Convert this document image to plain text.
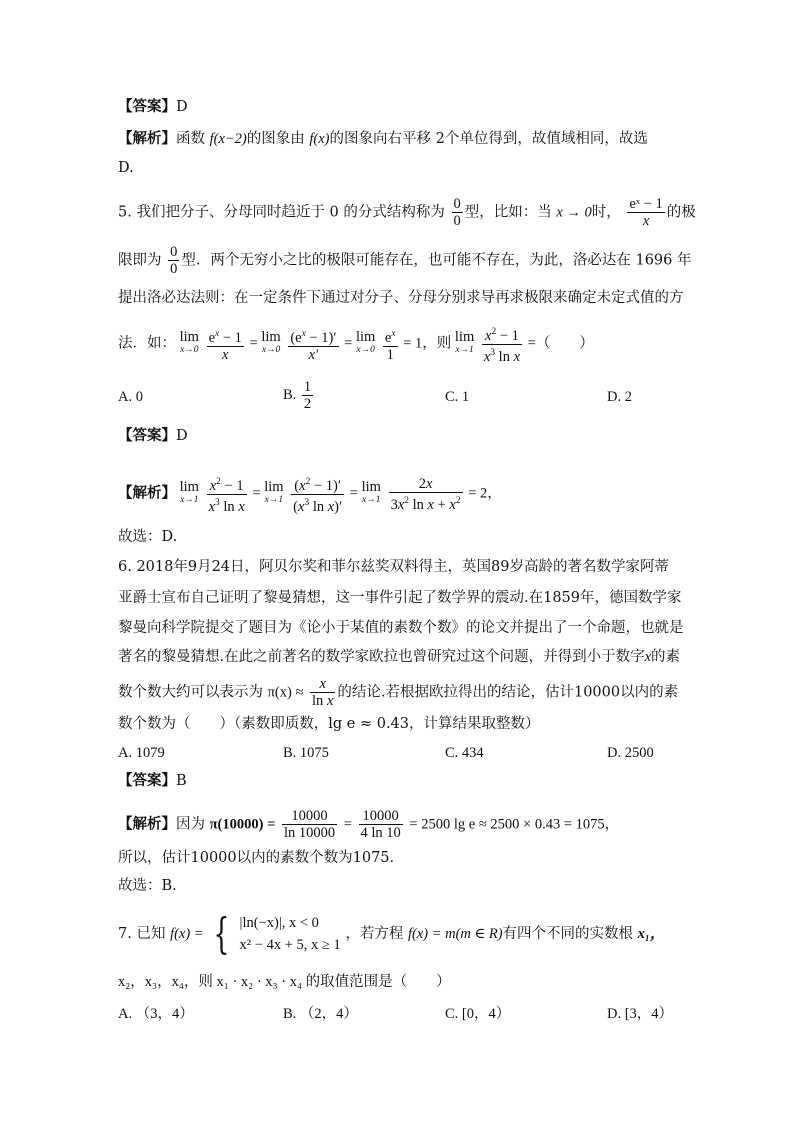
【答案】D
【解析】函数 f(x−2)的图象由 f(x)的图象向右平移 2个单位得到，故值域相同，故选
D.
5. 我们把分子、分母同时趋近于 0 的分式结构称为 $\frac{0}{0}$ 型，比如：当 x → 0时， $\frac{\text{eˣ − 1}}{x}$ 的极
限即为 $\frac{0}{0}$ 型．两个无穷小之比的极限可能存在，也可能不存在，为此，洛必达在 1696 年
提出洛必达法则：在一定条件下通过对分子、分母分别求导再求极限来确定未定式值的方
法．如： lim
x→0
$\frac{e^x - 1}{x} = \lim$
x→0
$\frac{(e^x - 1)'}{x'} = \lim$
x→0
$\frac{e^x}{1} = 1$，则 lim
x→1
$\frac{x^2 - 1}{x^3 \ln x}$ =（　　）
A. 0	B. $\frac{1}{2}$	C. 1	D. 2
【答案】D
【解析】 lim
x→1
$\frac{x^2 - 1}{x^3 \ln x} = \lim$
x→1
$\frac{(x^2 - 1)'}{(x^3 \ln x)'} = \lim$
x→1
$\frac{2x}{3x^2 \ln x + x^2} = 2$，
故选：D.
6. 2018年9月24日，阿贝尔奖和菲尔兹奖双料得主，英国89岁高龄的著名数学家阿蒂
亚爵士宣布自己证明了黎曼猜想，这一事件引起了数学界的震动.在1859年，德国数学家
黎曼向科学院提交了题目为《论小于某值的素数个数》的论文并提出了一个命题，也就是
著名的黎曼猜想.在此之前著名的数学家欧拉也曾研究过这个问题，并得到小于数字x的素
数个数大约可以表示为 $\pi(x) \approx \frac{x}{\text{ln x}}$ 的结论.若根据欧拉得出的结论，估计10000以内的素
数个数为（　　）（素数即质数，lg e ≈ 0.43，计算结果取整数）
A. 1079	B. 1075	C. 434	D. 2500
【答案】B
【解析】因为 $\pi(10000) = \frac{10000}{\ln 10000} = \frac{10000}{4 \ln 10} = 2500$ lg e ≈ 2500 × 0.43 = 1075，
所以，估计10000以内的素数个数为1075.
故选：B.
7. 已知 f(x) = { |ln(−x)|, x < 0
x² − 4x + 5, x ≥ 1
，若方程 f(x) = m(m ∈ R)有四个不同的实数根 x₁，
x₂，x₃，x₄，则 x₁ · x₂ · x₃ · x₄ 的取值范围是（　　）
A. （3，4）	B. （2，4）	C. [0，4）	D. [3，4）
